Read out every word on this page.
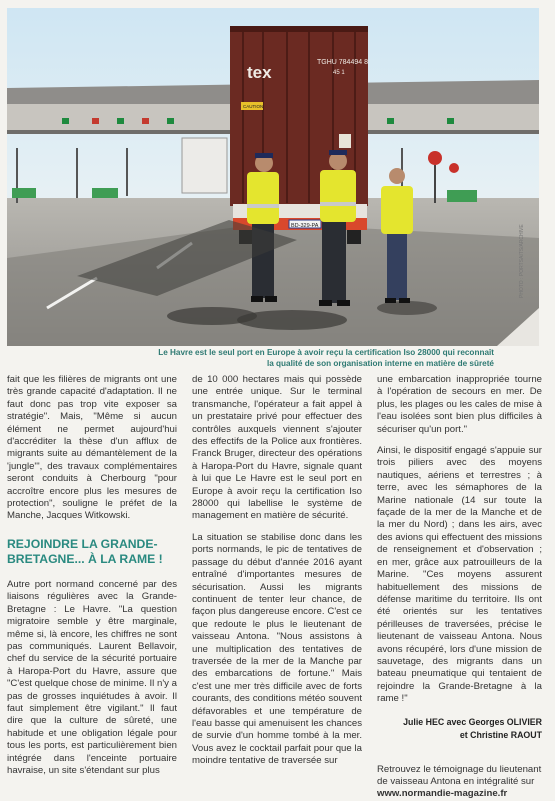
tex
TGHU 784494 8
45 1
CAUTION
BD-329-PA	PHOTO : PORTSAITS/ARCHIVE
Le Havre est le seul port en Europe à avoir reçu la certification Iso 28000 qui reconnaît
la qualité de son organisation interne en matière de sûreté

fait que les filières de migrants ont une très grande capacité d'adaptation. Il ne faut donc pas trop vite exposer sa stratégie". Mais, "Même si aucun élément ne permet aujourd'hui d'accréditer la thèse d'un afflux de migrants suite au démantèlement de la 'jungle'", des travaux complémentaires seront conduits à Cherbourg "pour accroître encore plus les mesures de protection", souligne le préfet de la Manche, Jacques Witkowski.

REJOINDRE LA GRANDE-BRETAGNE... À LA RAME !

Autre port normand concerné par des liaisons régulières avec la Grande-Bretagne : Le Havre. "La question migratoire semble y être marginale, même si, là encore, les chiffres ne sont pas communiqués. Laurent Bellavoir, chef du service de la sécurité portuaire à Haropa-Port du Havre, assure que "C'est quelque chose de minime. Il n'y a pas de grosses inquiétudes à avoir. Il faut simplement être vigilant." Il faut dire que la culture de sûreté, une habitude et une obligation légale pour tous les ports, est particulièrement bien intégrée dans l'enceinte portuaire havraise, un site s'étendant sur plus

de 10 000 hectares mais qui possède une entrée unique. Sur le terminal transmanche, l'opérateur a fait appel à un prestataire privé pour effectuer des contrôles auxquels viennent s'ajouter des effectifs de la Police aux frontières. Franck Bruger, directeur des opérations à Haropa-Port du Havre, signale quant à lui que Le Havre est le seul port en Europe à avoir reçu la certification Iso 28000 qui labellise le système de management en matière de sécurité.

La situation se stabilise donc dans les ports normands, le pic de tentatives de passage du début d'année 2016 ayant entraîné d'importantes mesures de sécurisation. Aussi les migrants continuent de tenter leur chance, de façon plus dangereuse encore. C'est ce que redoute le plus le lieutenant de vaisseau Antona. "Nous assistons à une multiplication des tentatives de traversée de la mer de la Manche par des embarcations de fortune." Mais c'est une mer très difficile avec de forts courants, des conditions météo souvent défavorables et une température de l'eau basse qui amenuisent les chances de survie d'un homme tombé à la mer. Vous avez le cocktail parfait pour que la moindre tentative de traversée sur

une embarcation inappropriée tourne à l'opération de secours en mer. De plus, les plages ou les cales de mise à l'eau isolées sont bien plus difficiles à sécuriser qu'un port."

Ainsi, le dispositif engagé s'appuie sur trois piliers avec des moyens nautiques, aériens et terrestres ; à terre, avec les sémaphores de la Marine nationale (14 sur toute la façade de la mer de la Manche et de la mer du Nord) ; dans les airs, avec des avions qui effectuent des missions de renseignement et d'observation ; en mer, grâce aux patrouilleurs de la Marine. "Ces moyens assurent habituellement des missions de défense maritime du territoire. Ils ont été orientés sur les tentatives périlleuses de traversées, précise le lieutenant de vaisseau Antona. Nous avons récupéré, lors d'une mission de sauvetage, des migrants dans un bateau pneumatique qui tentaient de rejoindre la Grande-Bretagne à la rame !"

Julie HEC avec Georges OLIVIER
et Christine RAOUT
Retrouvez le témoignage du lieutenant de vaisseau Antona en intégralité sur www.normandie-magazine.fr
